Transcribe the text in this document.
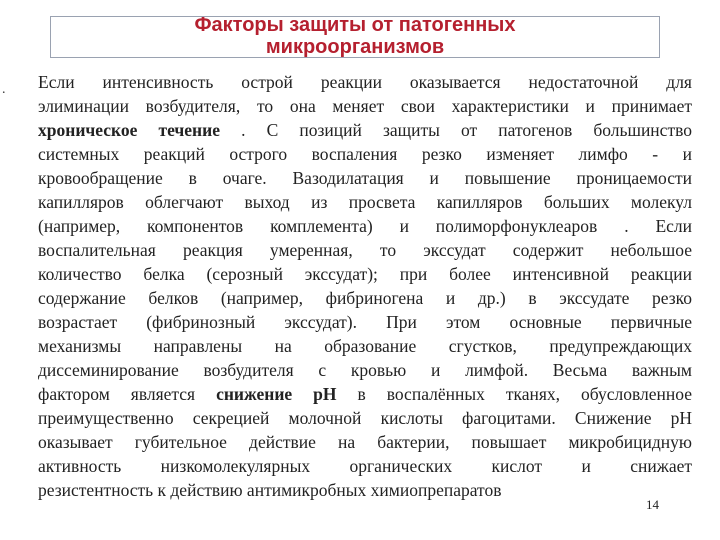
Факторы защиты от патогенных
микроорганизмов
. Если интенсивность острой реакции оказывается недостаточной для
элиминации возбудителя, то она меняет свои характеристики и принимает
хроническое течение . С позиций защиты от патогенов большинство
системных реакций острого воспаления резко изменяет лимфо - и
кровообращение в очаге. Вазодилатация и повышение проницаемости
капилляров облегчают выход из просвета капилляров больших молекул
(например, компонентов комплемента) и полиморфонуклеаров . Если
воспалительная реакция умеренная, то экссудат содержит небольшое
количество белка (серозный экссудат); при более интенсивной реакции
содержание белков (например, фибриногена и др.) в экссудате резко
возрастает (фибринозный экссудат). При этом основные первичные
механизмы направлены на образование сгустков, предупреждающих
диссеминирование возбудителя с кровью и лимфой. Весьма важным
фактором является снижение рН в воспалённых тканях, обусловленное
преимущественно секрецией молочной кислоты фагоцитами. Снижение рН
оказывает губительное действие на бактерии, повышает микробицидную
активность низкомолекулярных органических кислот и снижает
резистентность к действию антимикробных химиопрепаратов
14
